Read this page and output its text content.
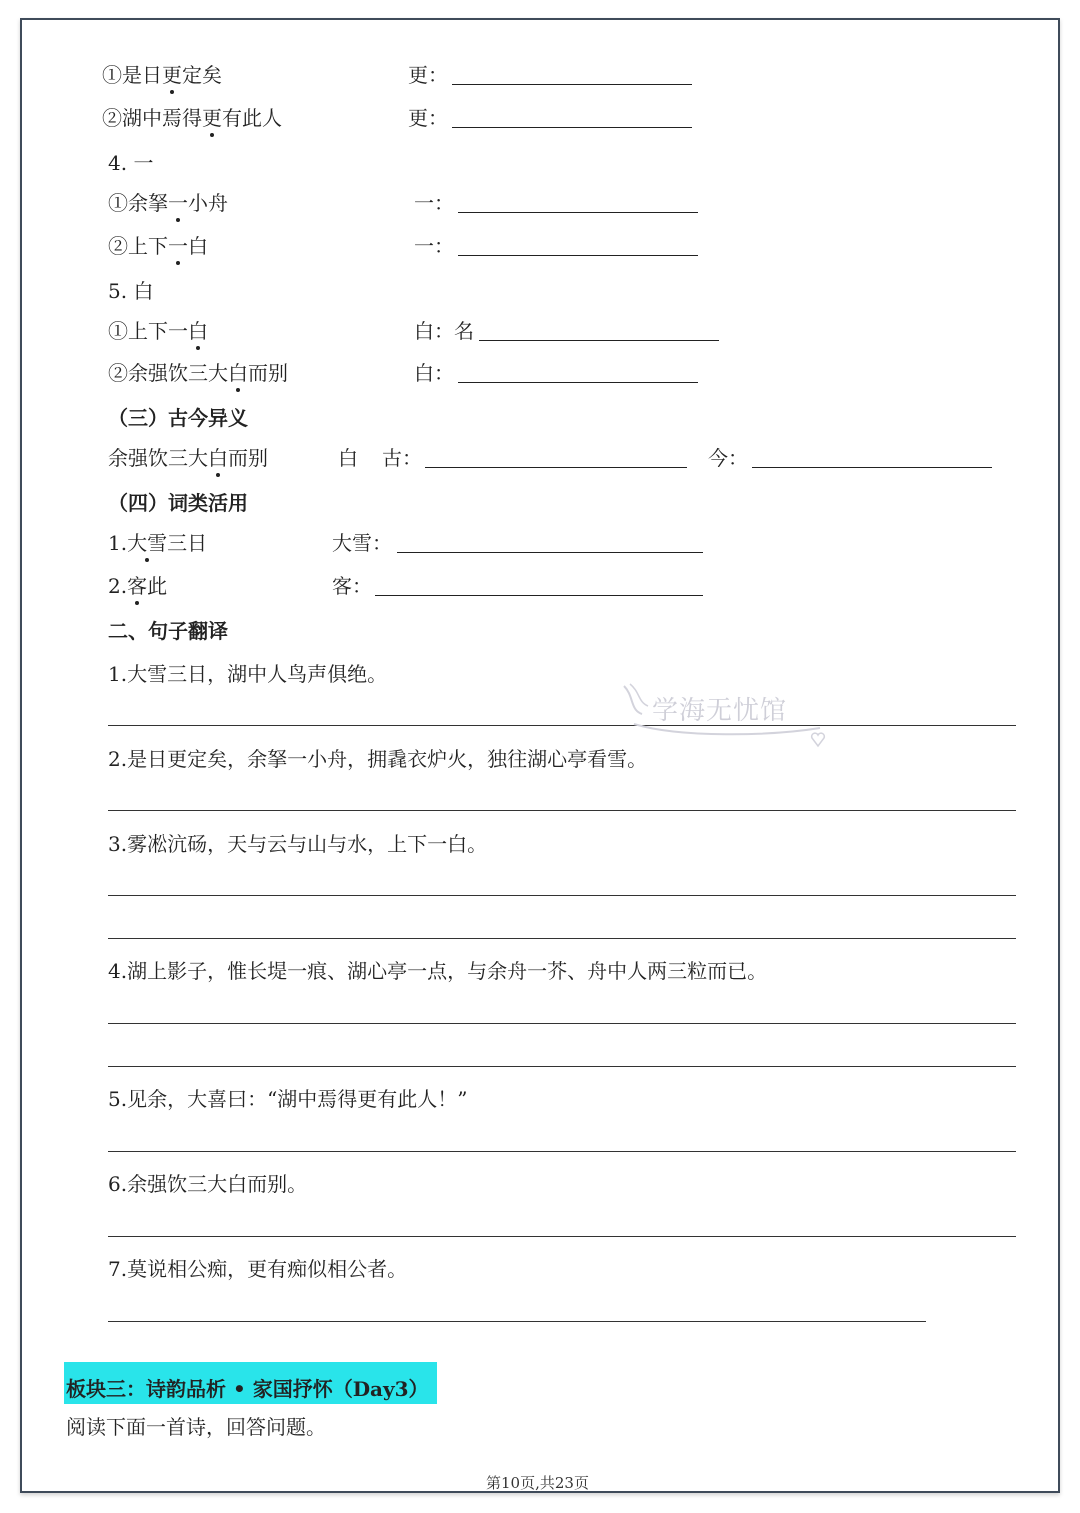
①是日更定矣	更：
②湖中焉得更有此人	更：
4. 一
①余拏一小舟	一：
②上下一白	一：
5. 白
①上下一白	白：名
②余强饮三大白而别	白：
（三）古今异义
余强饮三大白而别	白 古：	今：
（四）词类活用
1.大雪三日	大雪：
2.客此	客：
二、句子翻译
1.大雪三日，湖中人鸟声俱绝。
2.是日更定矣，余拏一小舟，拥毳衣炉火，独往湖心亭看雪。
3.雾凇沆砀，天与云与山与水，上下一白。
4.湖上影子，惟长堤一痕、湖心亭一点，与余舟一芥、舟中人两三粒而已。
5.见余，大喜曰：“湖中焉得更有此人！”
6.余强饮三大白而别。
7.莫说相公痴，更有痴似相公者。
板块三：诗韵品析 • 家国抒怀（Day3）
阅读下面一首诗，回答问题。
学海无忧馆
第10页,共23页
